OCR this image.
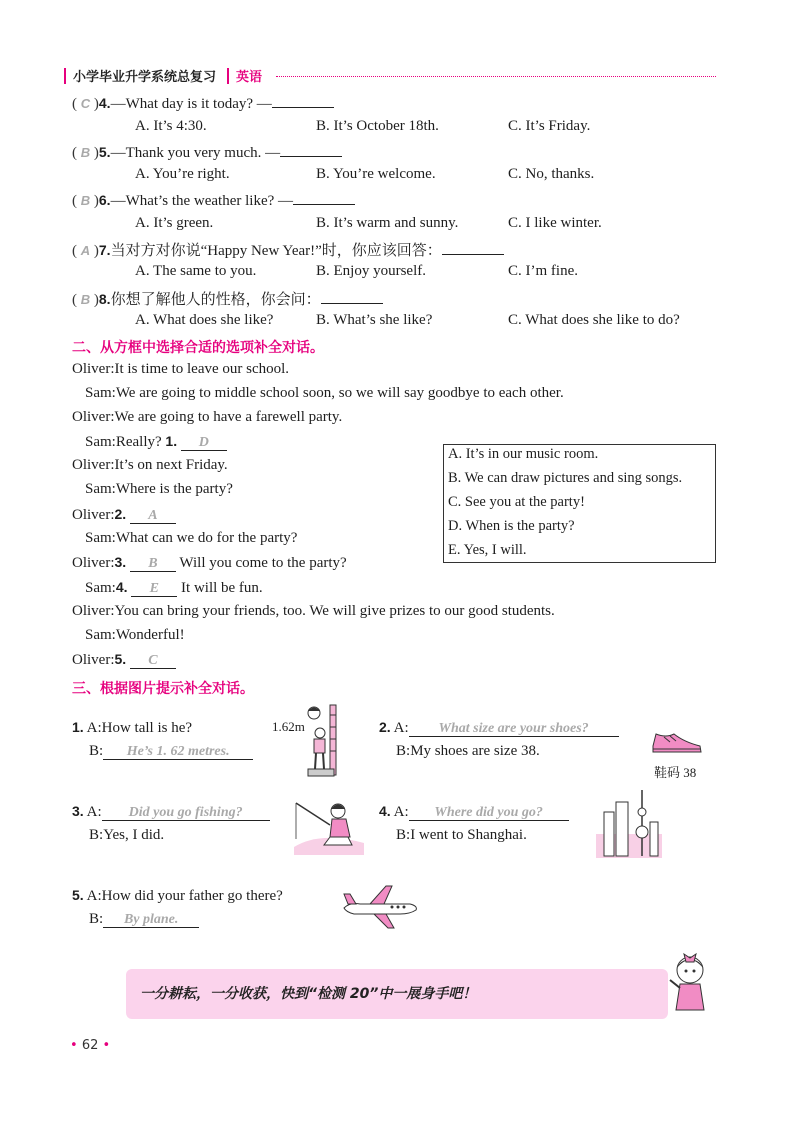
小学毕业升学系统总复习 英语
( C )4.—What day is it today? —
A. It’s 4:30.	B. It’s October 18th.	C. It’s Friday.
( B )5.—Thank you very much. —
A. You’re right.	B. You’re welcome.	C. No, thanks.
( B )6.—What’s the weather like? —
A. It’s green.	B. It’s warm and sunny.	C. I like winter.
( A )7.当对方对你说“Happy New Year!”时，你应该回答：
A. The same to you.	B. Enjoy yourself.	C. I’m fine.
( B )8.你想了解他人的性格，你会问：
A. What does she like?	B. What’s she like?	C. What does she like to do?
二、从方框中选择合适的选项补全对话。
Oliver:It is time to leave our school.
Sam:We are going to middle school soon, so we will say goodbye to each other.
Oliver:We are going to have a farewell party.
Sam:Really? 1. D
Oliver:It’s on next Friday.
Sam:Where is the party?
Oliver:2. A
Sam:What can we do for the party?
Oliver:3. B Will you come to the party?
Sam:4. E It will be fun.
Oliver:You can bring your friends, too. We will give prizes to our good students.
Sam:Wonderful!
Oliver:5. C
A. It’s in our music room.
B. We can draw pictures and sing songs.
C. See you at the party!
D. When is the party?
E. Yes, I will.
三、根据图片提示补全对话。
1. A:How tall is he?
B: He’s 1. 62 metres.
1.62m	2. A: What size are your shoes?
B:My shoes are size 38.
鞋码 38
3. A: Did you go fishing?
B:Yes, I did.
4. A: Where did you go?
B:I went to Shanghai.
5. A:How did your father go there?
B: By plane.
一分耕耘，一分收获，快到“检测 20”中一展身手吧！
• 62 •
